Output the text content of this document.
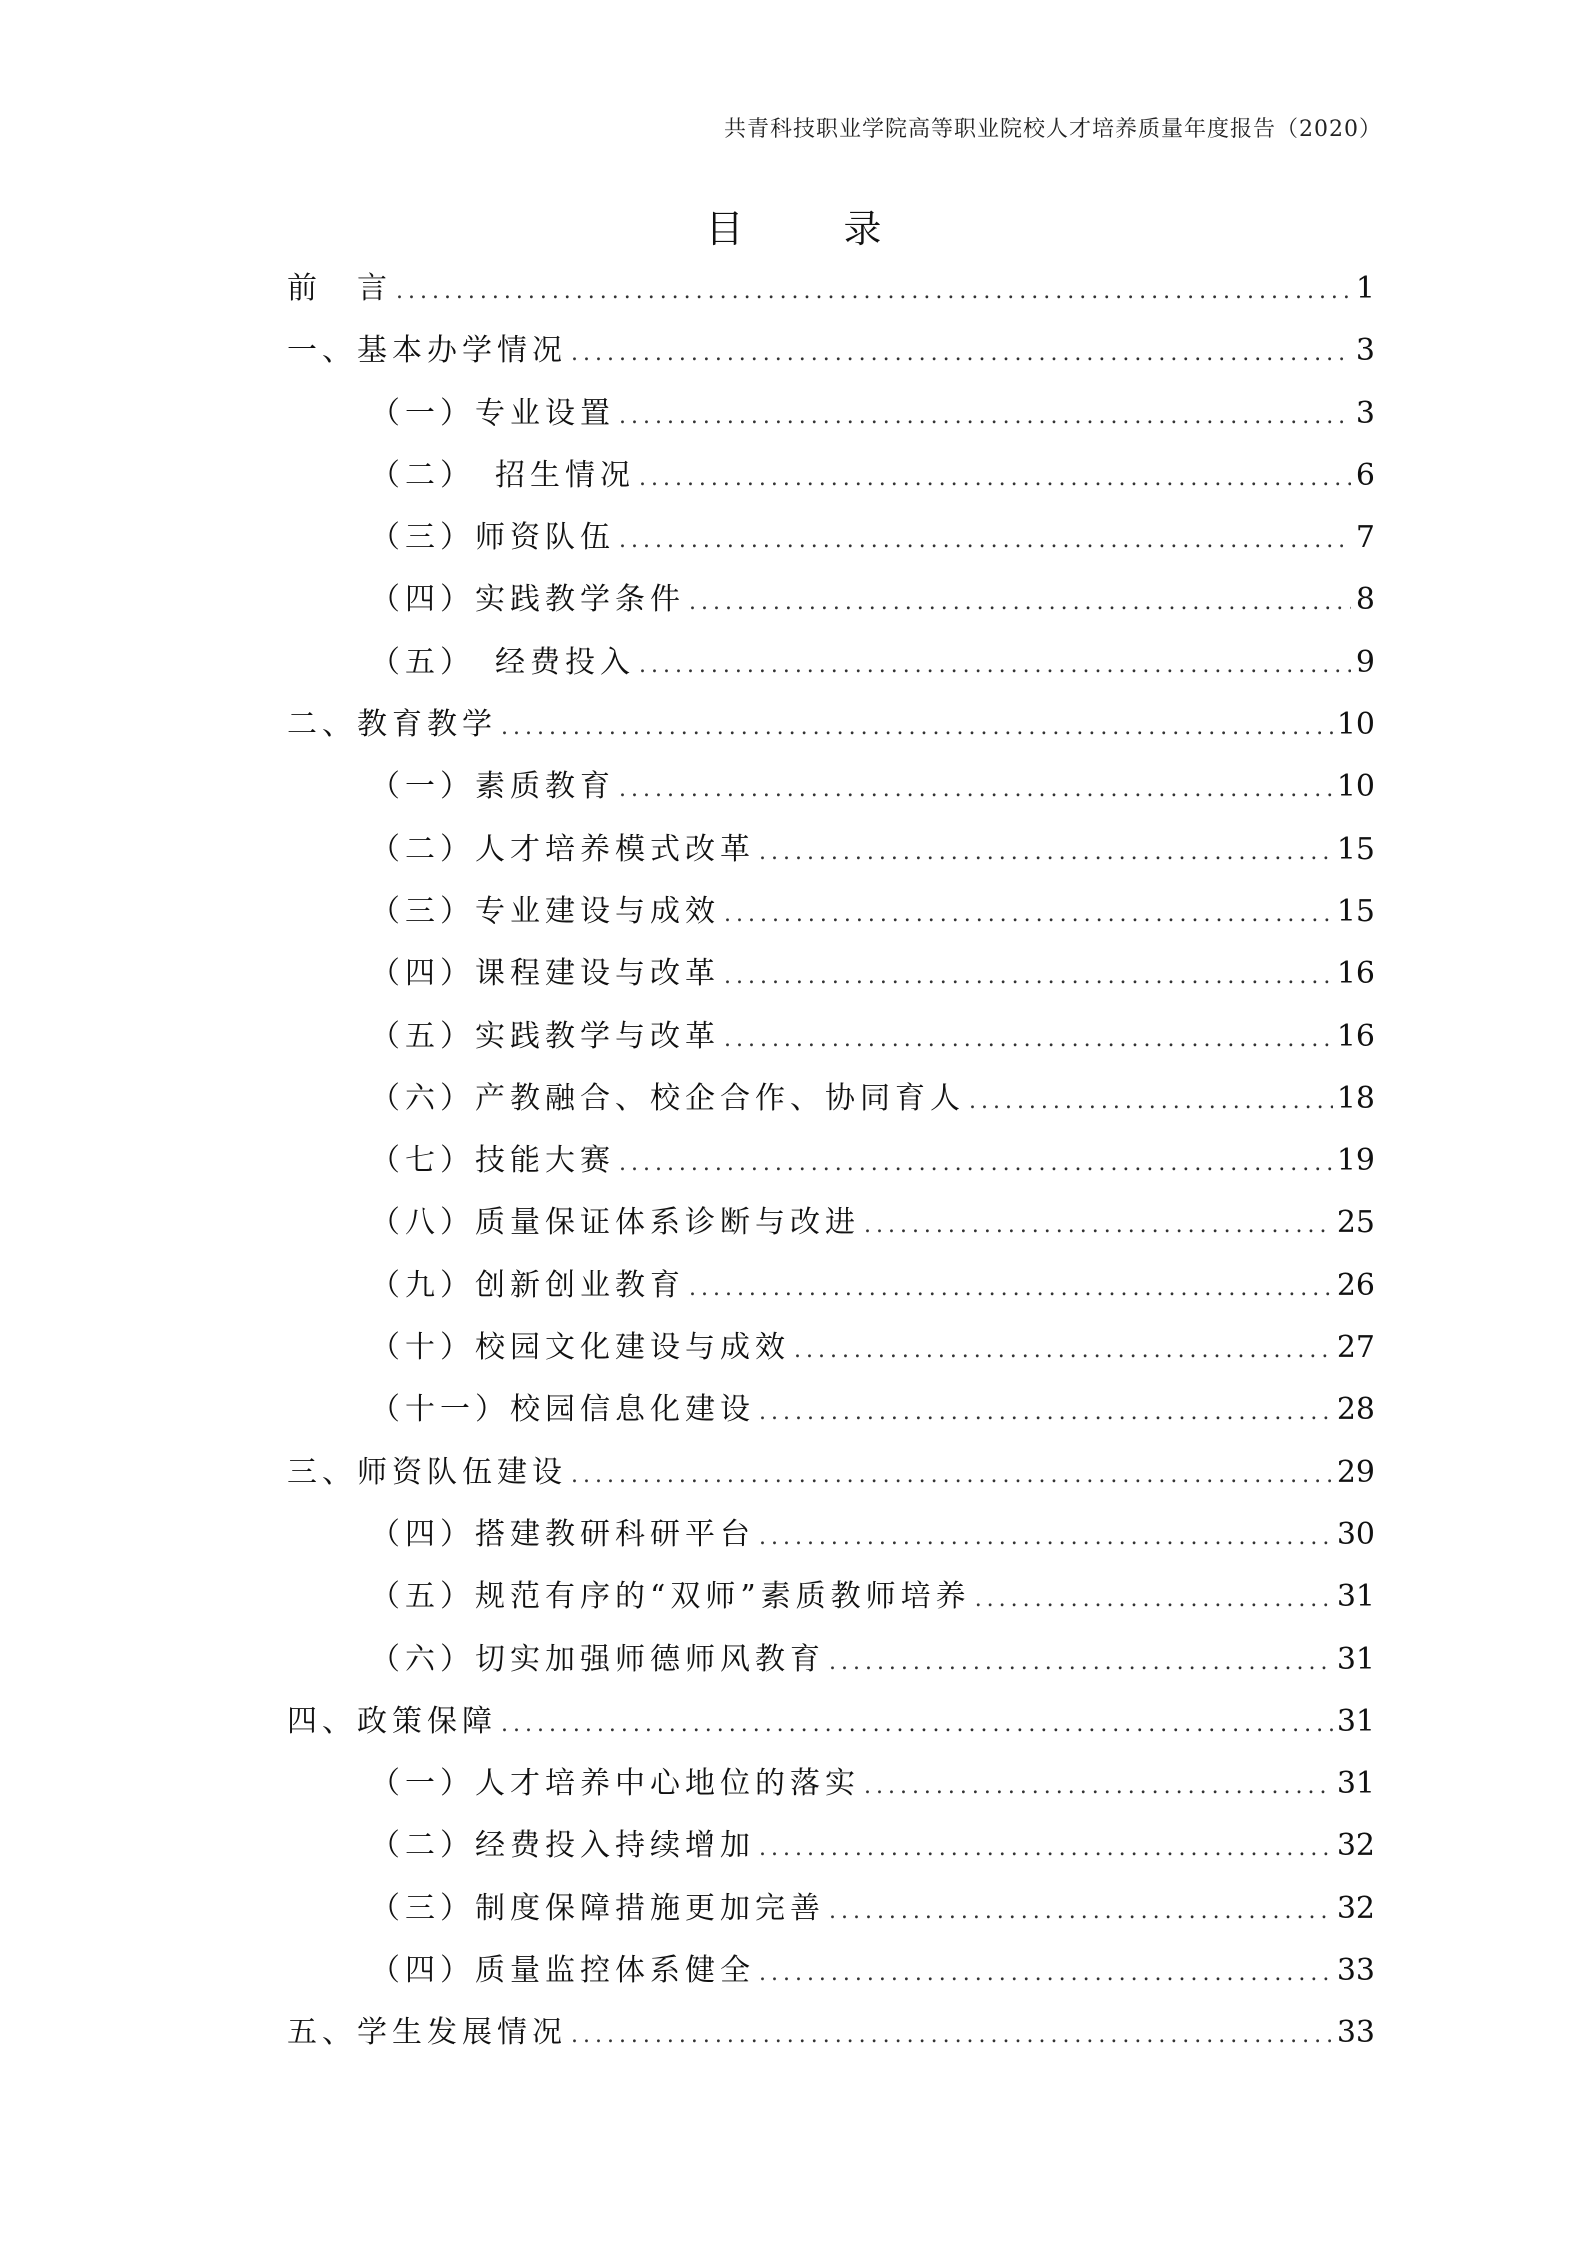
共青科技职业学院高等职业院校人才培养质量年度报告（2020）
目 录
前　言 . . .	1
一、基本办学情况 . . .	3
（一）专业设置 . . .	3
（二）　招生情况 . . .	6
（三）师资队伍 . . .	7
（四）实践教学条件 . . .	8
（五）　经费投入 . . .	9
二、教育教学 . . .	10
（一）素质教育 . . .	10
（二）人才培养模式改革 . . .	15
（三）专业建设与成效 . . .	15
（四）课程建设与改革 . . .	16
（五）实践教学与改革 . . .	16
（六）产教融合、校企合作、协同育人 . . .	18
（七）技能大赛 . . .	19
（八）质量保证体系诊断与改进 . . .	25
（九）创新创业教育 . . .	26
（十）校园文化建设与成效 . . .	27
（十一）校园信息化建设 . . .	28
三、师资队伍建设 . . .	29
（四）搭建教研科研平台 . . .	30
（五）规范有序的“双师”素质教师培养 . . .	31
（六）切实加强师德师风教育 . . .	31
四、政策保障 . . .	31
（一）人才培养中心地位的落实 . . .	31
（二）经费投入持续增加 . . .	32
（三）制度保障措施更加完善 . . .	32
（四）质量监控体系健全 . . .	33
五、学生发展情况 . . .	33
